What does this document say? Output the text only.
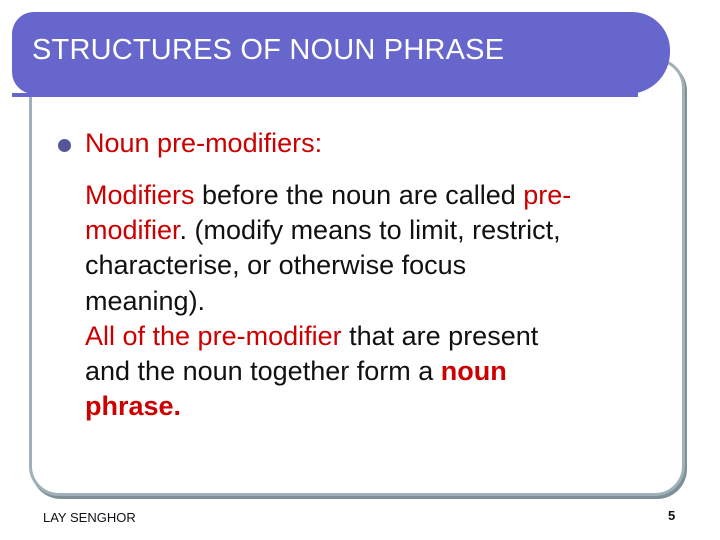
STRUCTURES OF NOUN PHRASE

Noun pre-modifiers:

Modifiers before the noun are called pre-
modifier. (modify means to limit, restrict,
characterise, or otherwise focus
meaning).
All of the pre-modifier that are present
and the noun together form a noun
phrase.

LAY SENGHOR	5
